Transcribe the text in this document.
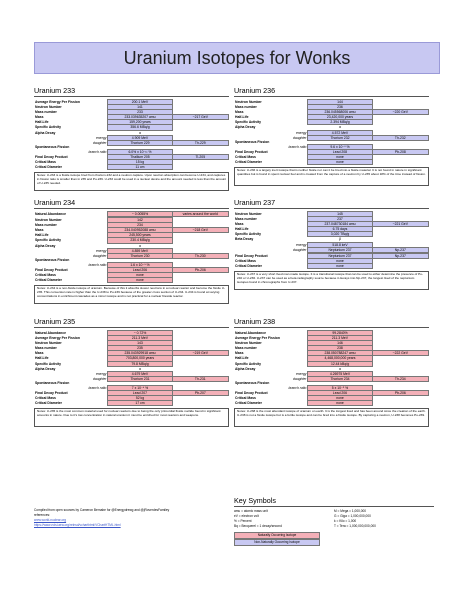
Uranium Isotopes for Wonks
Uranium 233
Average Energy Per Fission	200.1 MeV	
Neutron Number	141	
Mass number	233	
Mass	233.039635207 amu	~217 GeV
Half-Life	159,200 years	
Specific Activity	356.6 MBq/g	
Alpha Decay	α	
energy	4.909 MeV	
daughter	Thorium 229	Th-229
Spontaneous Fission		
branch ratio	6.0% x 10⁻¹¹ %	
Final Decay Product	Thallium 205	Tl-205
Critical Mass	15 kg	
Critical Diameter	11 cm	
Notes: U-233 is a fissile isotope bred from thorium-232 and a neutron capture. Upon neutron absorption can become U-234, and captures in fission ratio is smaller than in 235 and Pu-239. U-233 could be used in a nuclear device and the amount needed is less than the amount of U-235 needed.
Uranium 236
Neutron Number	144	
Mass number	236	
Mass	236.045568006 amu	~220 GeV
Half-Life	23,420,000 years	
Specific Activity	2.394 MBq/g	
Alpha Decay	α	
energy	4.572 MeV	
daughter	Thorium 232	Th-232
Spontaneous Fission		
branch ratio	9.6 x 10⁻⁸ %	
Final Decay Product	Lead 208	Pb-208
Critical Mass	none	
Critical Diameter	none	
Notes: U-236 is a largely inert isotope that is neither fissile nor can it be bred into a fissile material. It is not found in nature in significant quantities but is found in spent nuclear fuel and is created from the capture of a neutron by U-235 about 18% of the time instead of fission.
Uranium 234
Natural Abundance	~ 0.0055%	varies around the world

Neutron Number	142	
Mass number	234	
Mass	234.040952088 amu	~218 GeV
Half-Life	245,500 years	
Specific Activity	230.4 MBq/g	
Alpha Decay	α	
energy	4.859 MeV	
daughter	Thorium 230	Th-230
Spontaneous Fission		
branch ratio	1.6 x 10⁻⁹ %	
Final Decay Product	Lead 206	Pb-206
Critical Mass	none	
Critical Diameter	none	
Notes: U-234 is a non-fissile isotope of uranium. Because of this it absorbs slower neutrons in a nuclear reactor and become the fissile U-235. This conversion rate is higher than the U-238 to Pu-239 because of the greater cross section of U-234. U-234 is found at varying concentrations in enrichment cascades as a minor isotope and is not practical for a nuclear fireside reactor.
Uranium 237
Neutron Number	145	
Mass number	237	
Mass	237.048730184 amu	~221 GeV
Half-Life	6.75 days	
Specific Activity	3,020 TBq/g	
Beta Decay	β	
energy	518.8 keV	
daughter	Neptunium 237	Np-237

Final Decay Product	Neptunium 237	Np-237
Critical Mass	none	
Critical Diameter	none	
Notes: U-237 is a very short lived man made isotope. It is a transitional isotope that can be used to either determine the presence of Pu-240 or U-236. U-237 can be used as a beta radiography source because it decays into Np-237, the longest lived of the neptunium isotopes found in chronographs from U-237.
Uranium 235
Natural Abundance	~ 0.72%	
Average Energy Per Fission	211.3 MeV	
Neutron Number	143	
Mass number	235	
Mass	235.043929918 amu	~219 GeV
Half-Life	703,800,000 years	
Specific Activity	79.8 MBq/g	
Alpha Decay	α	
energy	4.679 MeV	
daughter	Thorium 231	Th-231
Spontaneous Fission		
branch ratio	7 x 10⁻⁹ %	
Final Decay Product	Lead 207	Pb-207
Critical Mass	52 kg	
Critical Diameter	17 cm	
Notes: U-235 is the most common material used for nuclear reactors due to being the only primordial fissile nuclide found in significant amounts in nature. Due to it's low concentration in natural uranium it must be enriched for most reactors and weapons.
Uranium 238
Natural Abundance	99.2840%	
Average Energy Per Fission	211.3 MeV	
Neutron Number	146	
Mass number	238	
Mass	238.050788247 amu	~222 GeV
Half-Life	4,468,000,000 years	
Specific Activity	12.44 kBq/g	
Alpha Decay	α	
energy	4.26975 MeV	
daughter	Thorium 234	Th-234
Spontaneous Fission		
branch ratio	5 x 10⁻⁵ %	
Final Decay Product	Lead 206	Pb-206
Critical Mass	none	
Critical Diameter	none	
Notes: U-238 is the most abundant isotope of uranium on earth. It is the longest lived and has been around since the creation of the earth. U-238 is not a fissile isotope but is a fertile isotope and can be bred into a fissile isotope. By capturing a neutron, U-238 becomes Pu-239.
Compiled from open sources by Cameron Bernabe for @Energydrewg and @jRoverdesFamiley
references:
www.world-nuclear.org
https://www-nds.iaea.org/relnsd/vcharthtml/VChartHTML.html
Key Symbols
amu = atomic mass unit	M = Mega = 1,000,000
eV = electron volt	G = Giga = 1,000,000,000
% = Percent	k = Kilo = 1,000
Bq = Becquerel = 1 decay/second	T = Tera = 1,000,000,000,000
Naturally Occurring Isotope
Non-Naturally Occurring Isotope
